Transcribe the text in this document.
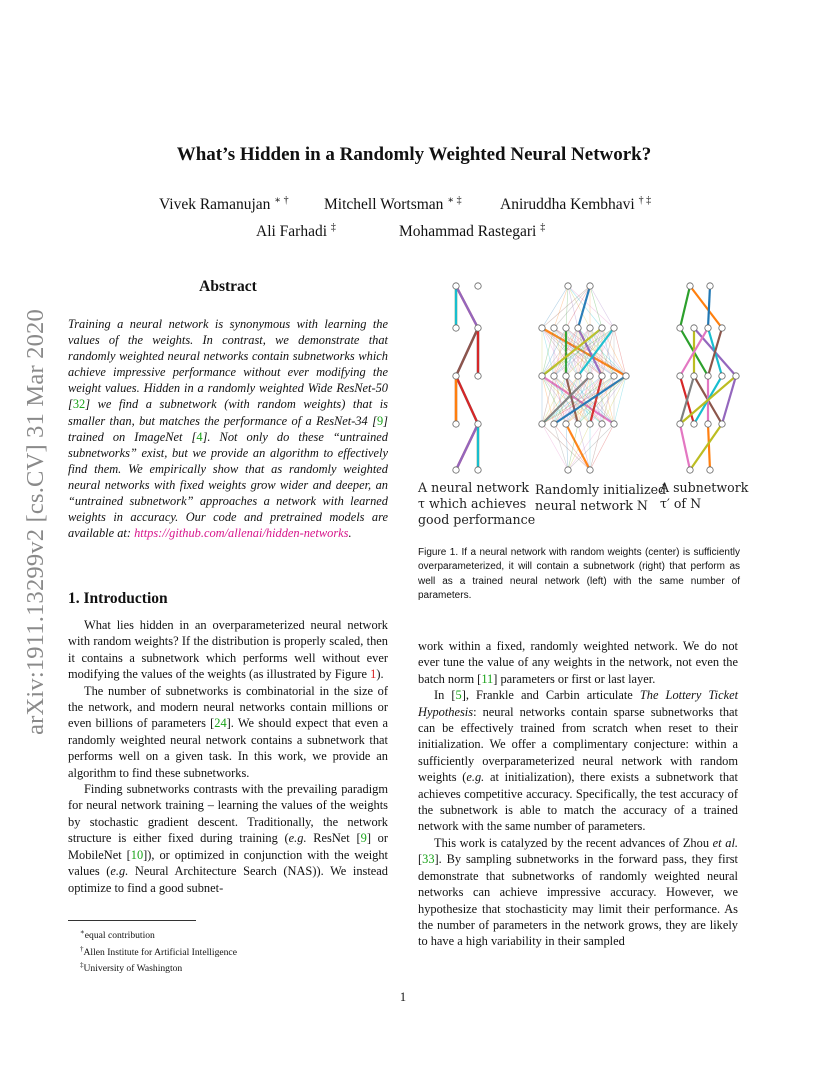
arXiv:1911.13299v2 [cs.CV] 31 Mar 2020
What’s Hidden in a Randomly Weighted Neural Network?
Vivek Ramanujan ∗ † Mitchell Wortsman ∗ ‡ Aniruddha Kembhavi † ‡
Ali Farhadi ‡	Mohammad Rastegari ‡
Abstract
Training a neural network is synonymous with learning the values of the weights. In contrast, we demonstrate that randomly weighted neural networks contain subnetworks which achieve impressive performance without ever modifying the weight values. Hidden in a randomly weighted Wide ResNet-50 [32] we find a subnetwork (with random weights) that is smaller than, but matches the performance of a ResNet-34 [9] trained on ImageNet [4]. Not only do these “untrained subnetworks” exist, but we provide an algorithm to effectively find them. We empirically show that as randomly weighted neural networks with fixed weights grow wider and deeper, an “untrained subnetwork” approaches a network with learned weights in accuracy. Our code and pretrained models are available at: https://github.com/allenai/hidden-networks.
1. Introduction

What lies hidden in an overparameterized neural network with random weights? If the distribution is properly scaled, then it contains a subnetwork which performs well without ever modifying the values of the weights (as illustrated by Figure 1).

The number of subnetworks is combinatorial in the size of the network, and modern neural networks contain millions or even billions of parameters [24]. We should expect that even a randomly weighted neural network contains a subnetwork that performs well on a given task. In this work, we provide an algorithm to find these subnetworks.

Finding subnetworks contrasts with the prevailing paradigm for neural network training – learning the values of the weights by stochastic gradient descent. Traditionally, the network structure is either fixed during training (e.g. ResNet [9] or MobileNet [10]), or optimized in conjunction with the weight values (e.g. Neural Architecture Search (NAS)). We instead optimize to find a good subnet-

∗equal contribution
†Allen Institute for Artificial Intelligence
‡University of Washington
A neural network
τ which achieves
good performance
Randomly initialized
neural network N
A subnetwork
τ′ of N
Figure 1. If a neural network with random weights (center) is sufficiently overparameterized, it will contain a subnetwork (right) that perform as well as a trained neural network (left) with the same number of parameters.

work within a fixed, randomly weighted network. We do not ever tune the value of any weights in the network, not even the batch norm [11] parameters or first or last layer.

In [5], Frankle and Carbin articulate The Lottery Ticket Hypothesis: neural networks contain sparse subnetworks that can be effectively trained from scratch when reset to their initialization. We offer a complimentary conjecture: within a sufficiently overparameterized neural network with random weights (e.g. at initialization), there exists a subnetwork that achieves competitive accuracy. Specifically, the test accuracy of the subnetwork is able to match the accuracy of a trained network with the same number of parameters.

This work is catalyzed by the recent advances of Zhou et al. [33]. By sampling subnetworks in the forward pass, they first demonstrate that subnetworks of randomly weighted neural networks can achieve impressive accuracy. However, we hypothesize that stochasticity may limit their performance. As the number of parameters in the network grows, they are likely to have a high variability in their sampled

1
